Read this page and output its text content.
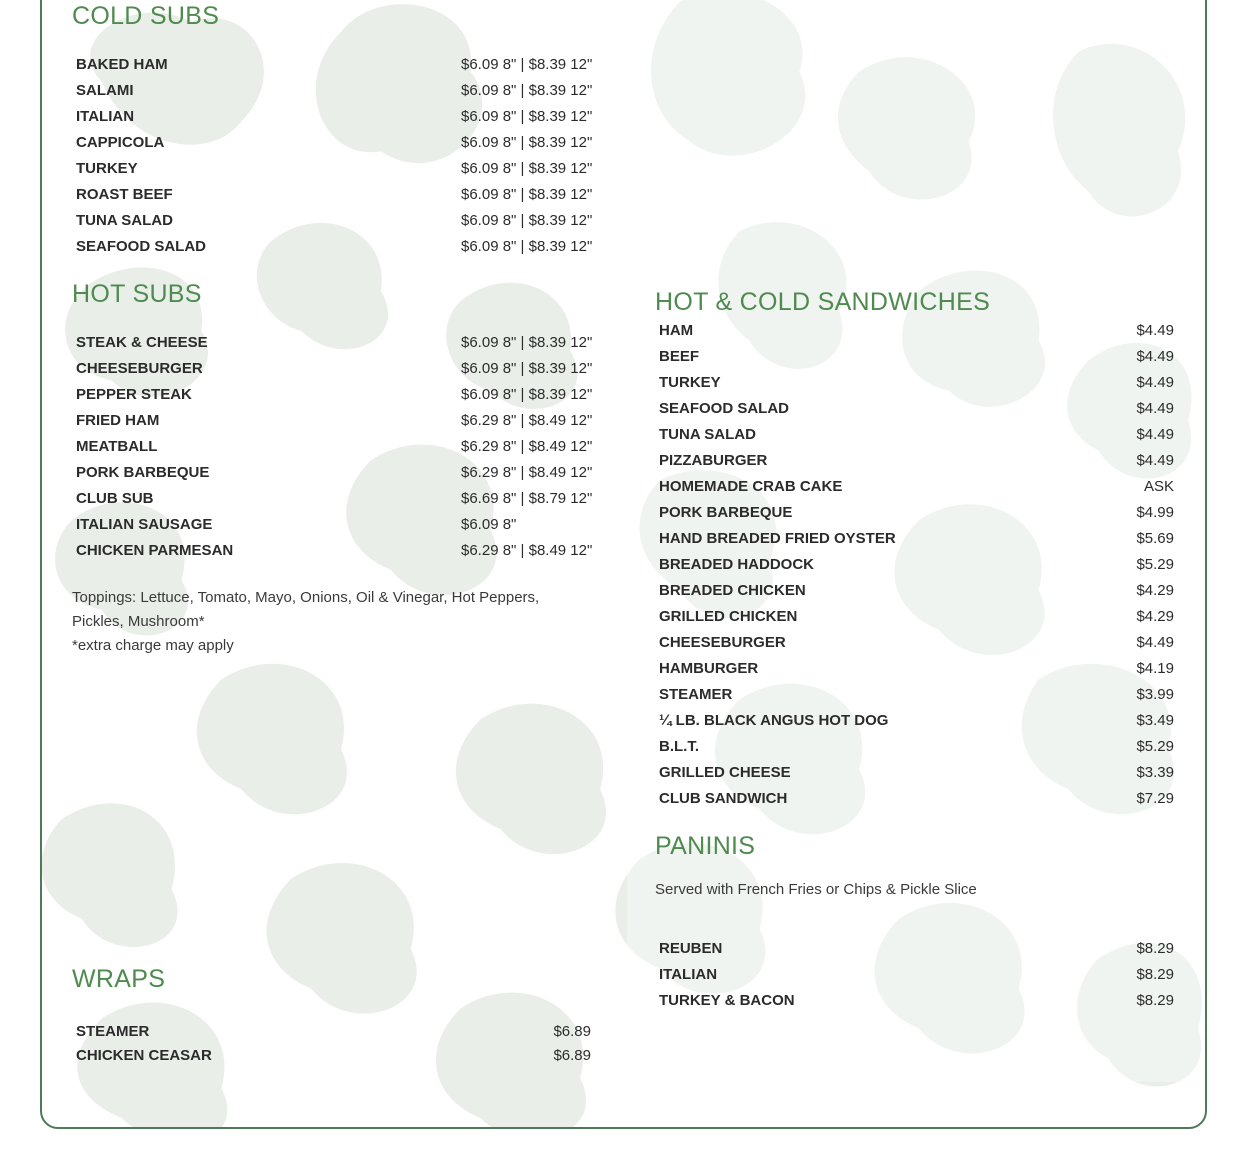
COLD SUBS
BAKED HAM	$6.09 8" | $8.39 12"
SALAMI	$6.09 8" | $8.39 12"
ITALIAN	$6.09 8" | $8.39 12"
CAPPICOLA	$6.09 8" | $8.39 12"
TURKEY	$6.09 8" | $8.39 12"
ROAST BEEF	$6.09 8" | $8.39 12"
TUNA SALAD	$6.09 8" | $8.39 12"
SEAFOOD SALAD	$6.09 8" | $8.39 12"
HOT SUBS
STEAK & CHEESE	$6.09 8" | $8.39 12"
CHEESEBURGER	$6.09 8" | $8.39 12"
PEPPER STEAK	$6.09 8" | $8.39 12"
FRIED HAM	$6.29 8" | $8.49 12"
MEATBALL	$6.29 8" | $8.49 12"
PORK BARBEQUE	$6.29 8" | $8.49 12"
CLUB SUB	$6.69 8" | $8.79 12"
ITALIAN SAUSAGE	$6.09 8"
CHICKEN PARMESAN	$6.29 8" | $8.49 12"

Toppings: Lettuce, Tomato, Mayo, Onions, Oil & Vinegar, Hot Peppers, Pickles, Mushroom*

*extra charge may apply

WRAPS
STEAMER	$6.89
CHICKEN CEASAR	$6.89
HOT & COLD SANDWICHES
HAM	$4.49
BEEF	$4.49
TURKEY	$4.49
SEAFOOD SALAD	$4.49
TUNA SALAD	$4.49
PIZZABURGER	$4.49
HOMEMADE CRAB CAKE	ASK
PORK BARBEQUE	$4.99
HAND BREADED FRIED OYSTER	$5.69
BREADED HADDOCK	$5.29
BREADED CHICKEN	$4.29
GRILLED CHICKEN	$4.29
CHEESEBURGER	$4.49
HAMBURGER	$4.19
STEAMER	$3.99
¼ LB. BLACK ANGUS HOT DOG	$3.49
B.L.T.	$5.29
GRILLED CHEESE	$3.39
CLUB SANDWICH	$7.29
PANINIS

Served with French Fries or Chips & Pickle Slice

REUBEN	$8.29
ITALIAN	$8.29
TURKEY & BACON	$8.29
